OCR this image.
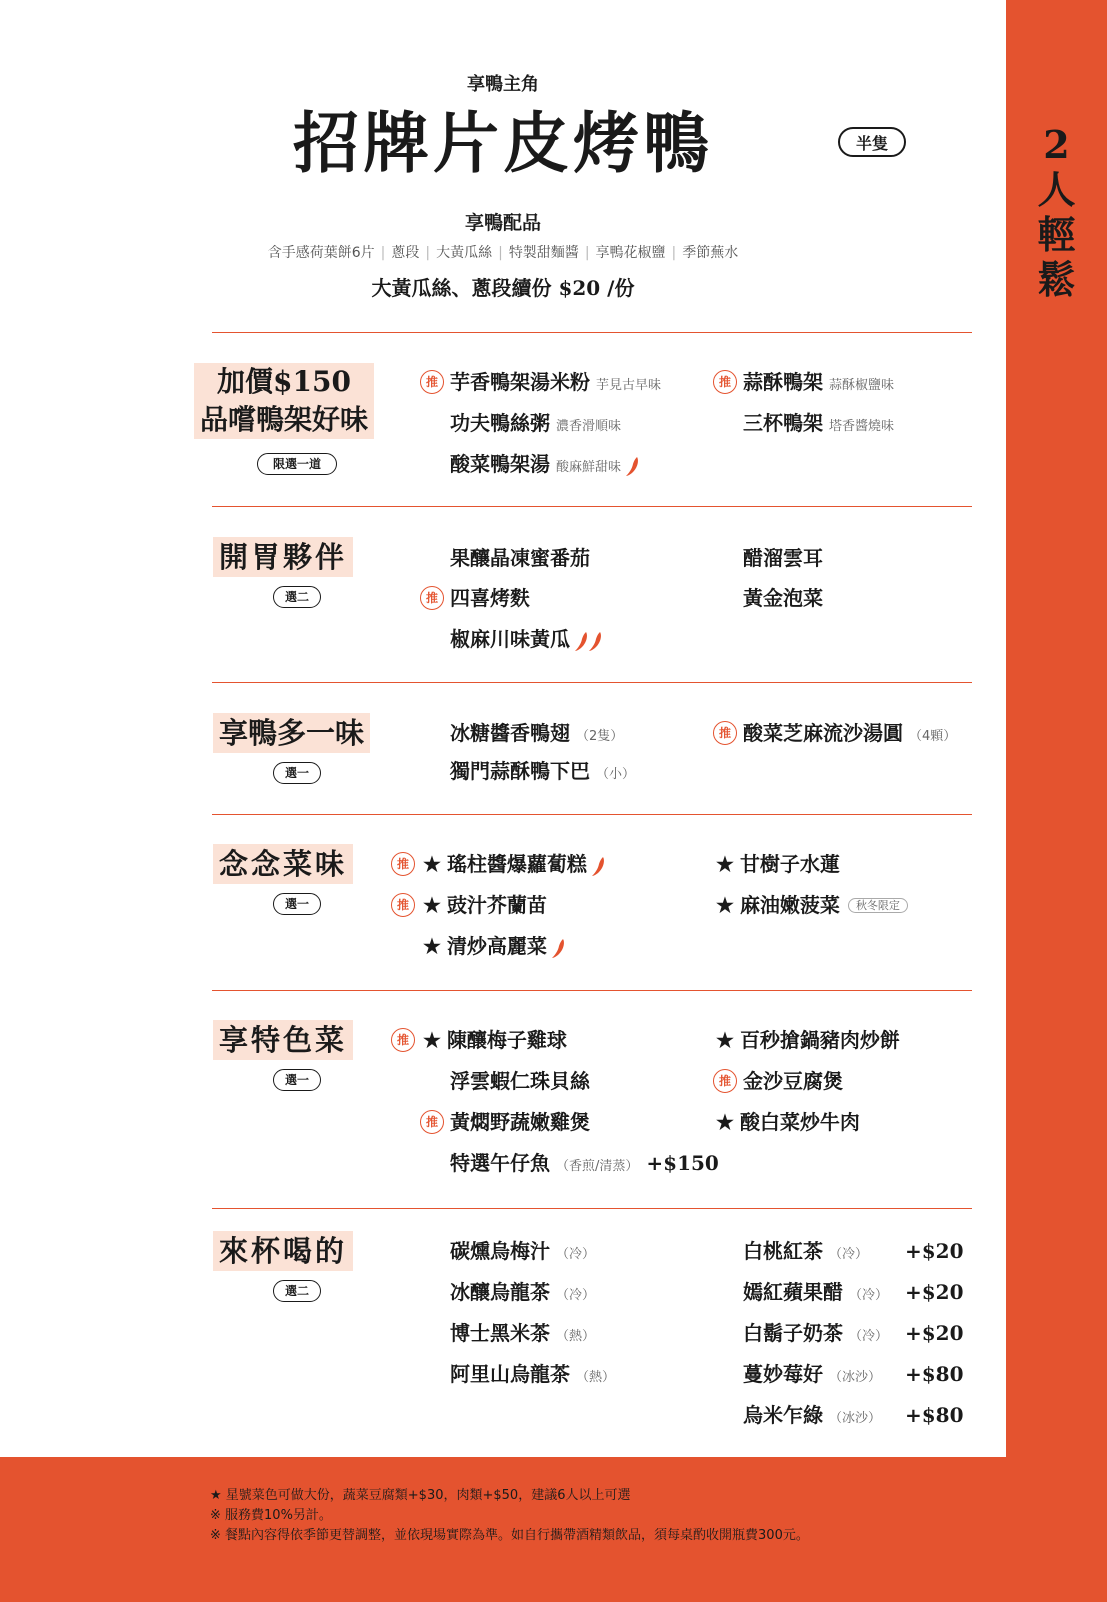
2
人
輕
鬆
享鴨主角
招牌片皮烤鴨	半隻
享鴨配品
含手感荷葉餅6片 | 蔥段 | 大黃瓜絲 | 特製甜麵醬 | 享鴨花椒鹽 | 季節蕪水
大黃瓜絲、蔥段續份 $20 /份
加價$150
品嚐鴨架好味
限選一道
推 芋香鴨架湯米粉 芋見古早味	推 蒜酥鴨架 蒜酥椒鹽味
功夫鴨絲粥 濃香滑順味	三杯鴨架 塔香醬燒味
酸菜鴨架湯 酸麻鮮甜味
開胃夥伴
選二
果釀晶凍蜜番茄	醋溜雲耳
推 四喜烤麩	黃金泡菜
椒麻川味黃瓜
享鴨多一味
選一
冰糖醬香鴨翅 （2隻）	推 酸菜芝麻流沙湯圓 （4顆）
獨門蒜酥鴨下巴 （小）
念念菜味
選一
推 ★ 瑤柱醬爆蘿蔔糕	★ 甘樹子水蓮
推 ★ 豉汁芥蘭苗	★ 麻油嫩菠菜 秋冬限定
★ 清炒高麗菜
享特色菜
選一
推 ★ 陳釀梅子雞球	★ 百秒搶鍋豬肉炒餅
浮雲蝦仁珠貝絲	推 金沙豆腐煲
推 黃燜野蔬嫩雞煲	★ 酸白菜炒牛肉
特選午仔魚 （香煎/清蒸） +$150
來杯喝的
選二
碳燻烏梅汁 （冷）	白桃紅茶 （冷） +$20
冰釀烏龍茶 （冷）	嫣紅蘋果醋 （冷） +$20
博士黑米茶 （熱）	白鬍子奶茶 （冷） +$20
阿里山烏龍茶 （熱）	蔓妙莓好 （冰沙） +$80
烏米乍綠 （冰沙） +$80
★ 星號菜色可做大份，蔬菜豆腐類+$30，肉類+$50，建議6人以上可選
※ 服務費10%另計。
※ 餐點內容得依季節更替調整，並依現場實際為準。如自行攜帶酒精類飲品，須每桌酌收開瓶費300元。
